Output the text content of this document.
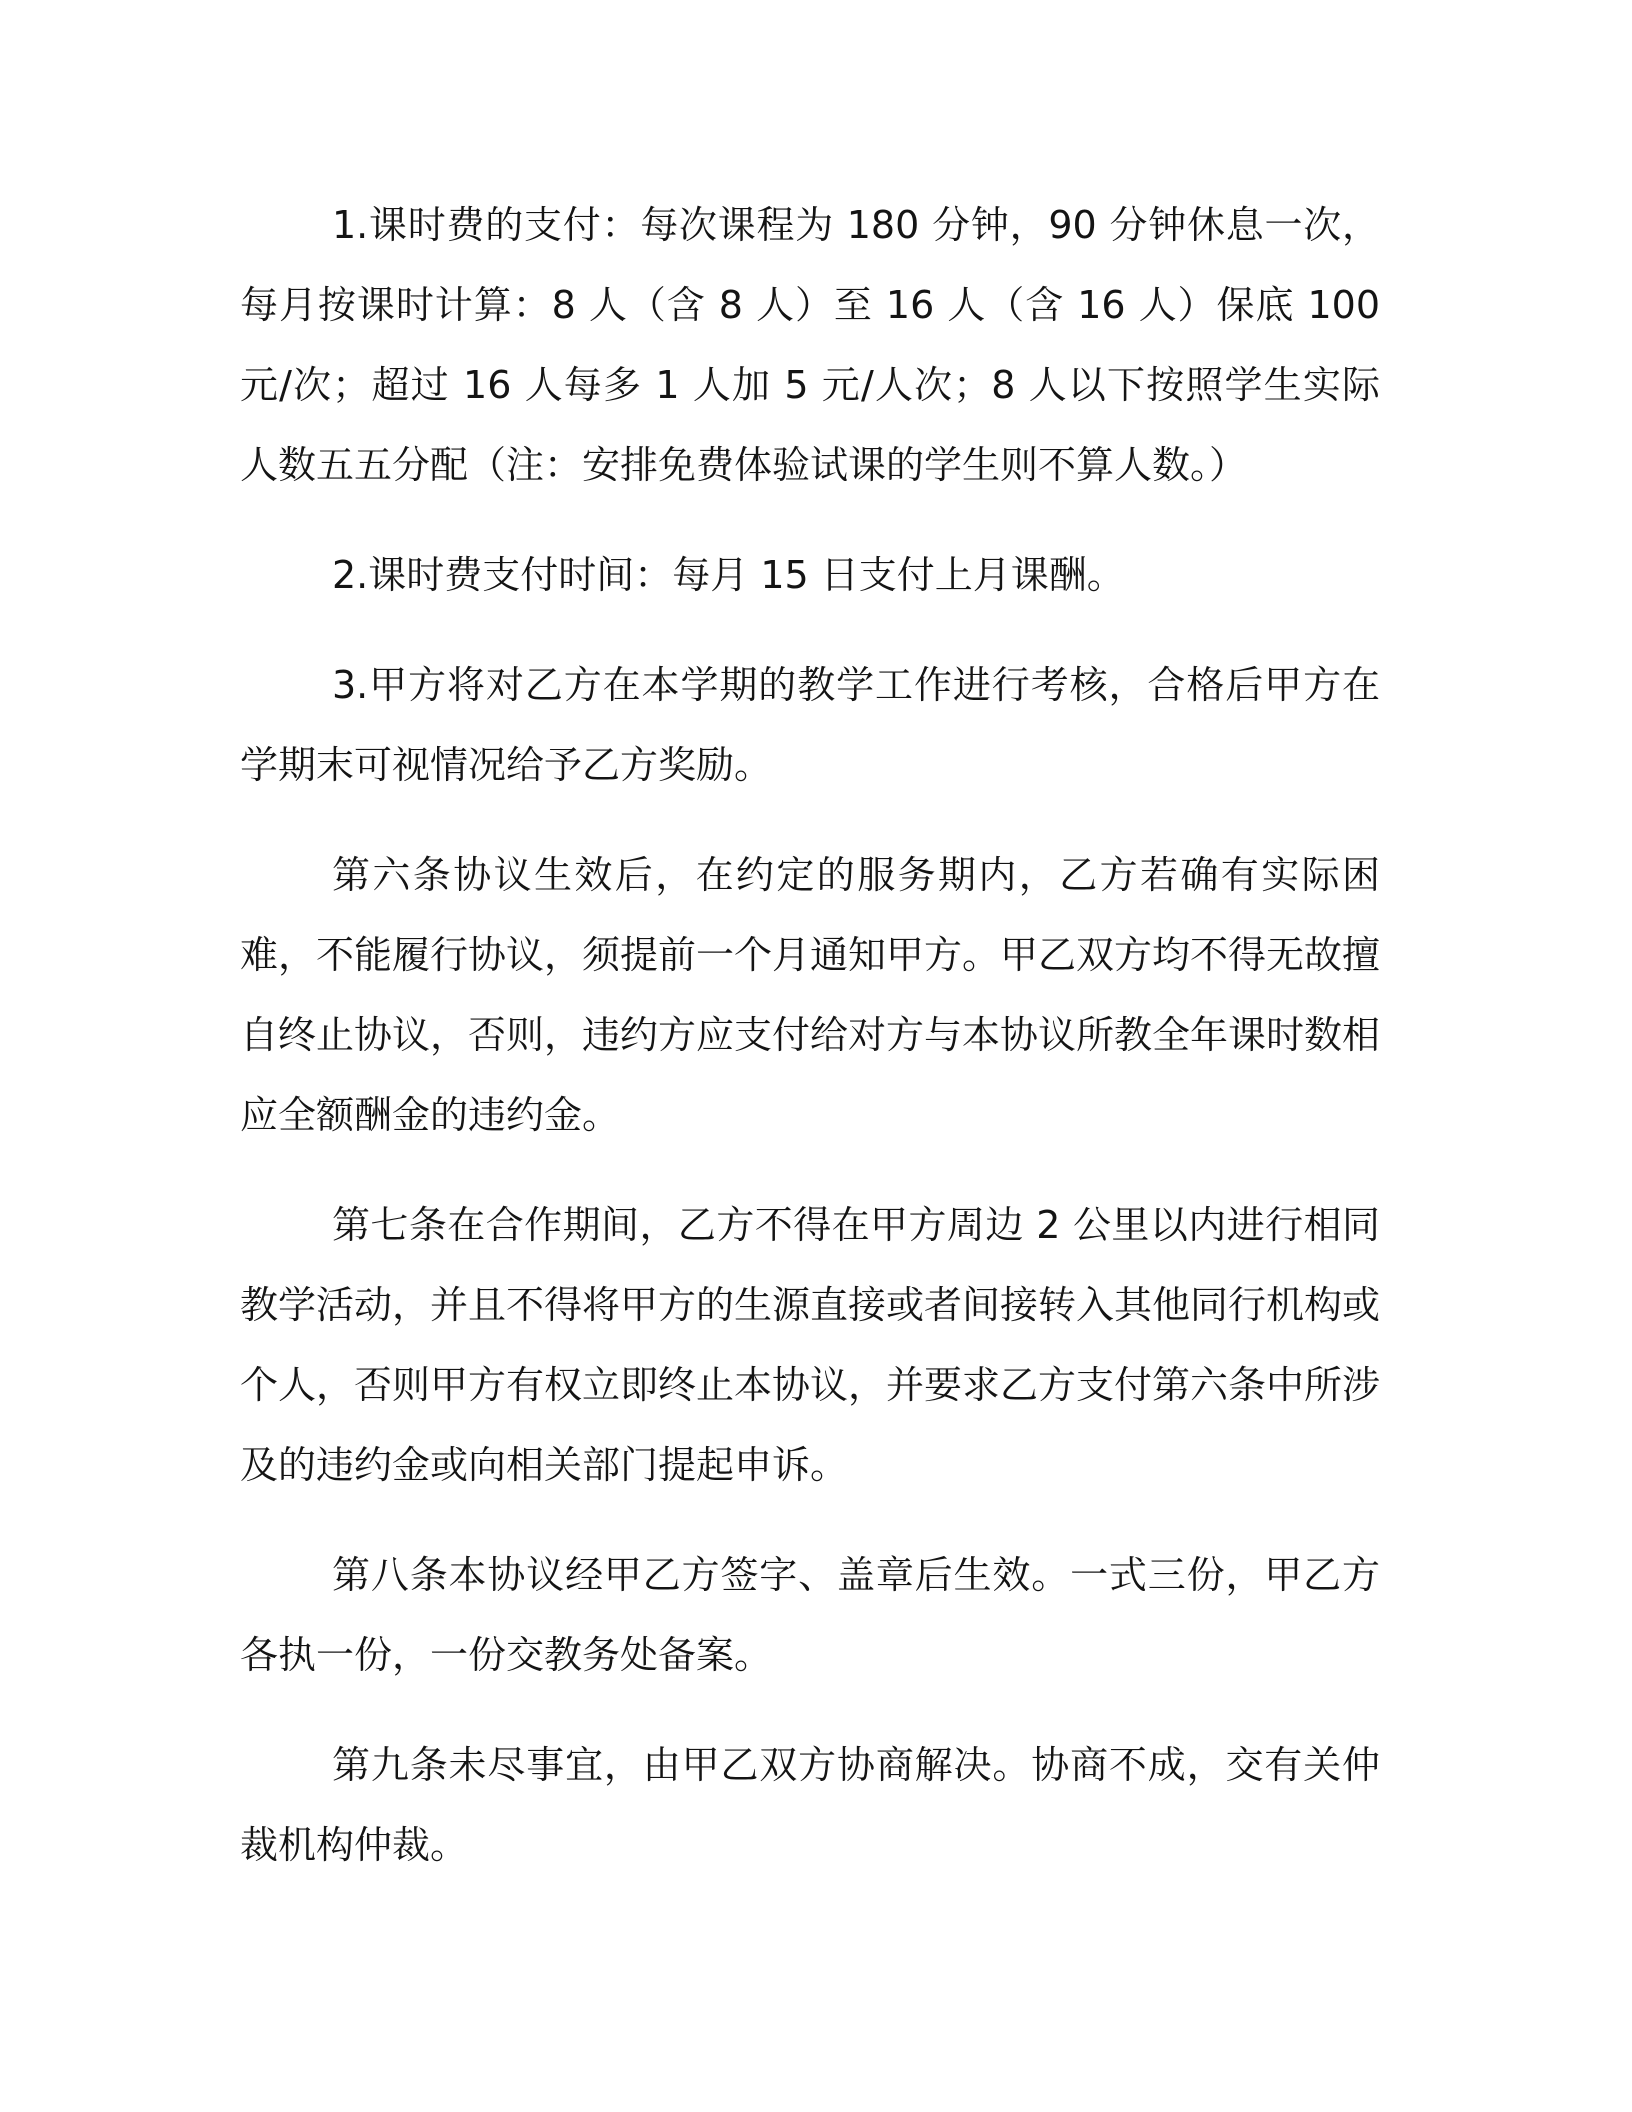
1.课时费的支付：每次课程为 180 分钟，90 分钟休息一次，每月按课时计算：8 人（含 8 人）至 16 人（含 16 人）保底 100 元/次；超过 16 人每多 1 人加 5 元/人次；8 人以下按照学生实际人数五五分配（注：安排免费体验试课的学生则不算人数。）

2.课时费支付时间：每月 15 日支付上月课酬。

3.甲方将对乙方在本学期的教学工作进行考核，合格后甲方在学期末可视情况给予乙方奖励。

第六条协议生效后，在约定的服务期内，乙方若确有实际困难，不能履行协议，须提前一个月通知甲方。甲乙双方均不得无故擅自终止协议，否则，违约方应支付给对方与本协议所教全年课时数相应全额酬金的违约金。

第七条在合作期间，乙方不得在甲方周边 2 公里以内进行相同教学活动，并且不得将甲方的生源直接或者间接转入其他同行机构或个人，否则甲方有权立即终止本协议，并要求乙方支付第六条中所涉及的违约金或向相关部门提起申诉。

第八条本协议经甲乙方签字、盖章后生效。一式三份，甲乙方各执一份，一份交教务处备案。

第九条未尽事宜，由甲乙双方协商解决。协商不成，交有关仲裁机构仲裁。
